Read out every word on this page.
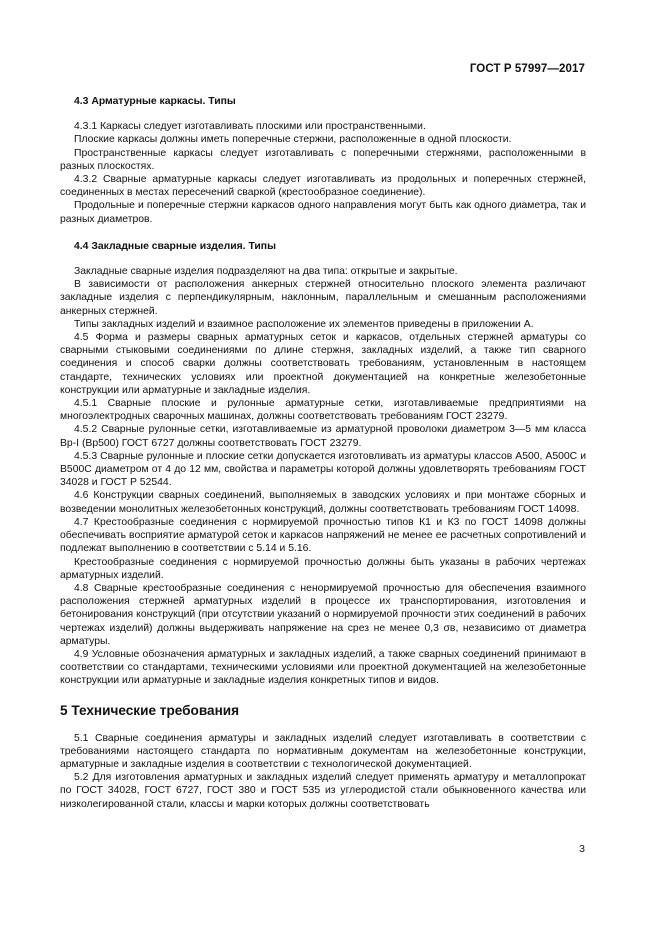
ГОСТ Р 57997—2017
4.3 Арматурные каркасы. Типы

4.3.1 Каркасы следует изготавливать плоскими или пространственными.

Плоские каркасы должны иметь поперечные стержни, расположенные в одной плоскости.

Пространственные каркасы следует изготавливать с поперечными стержнями, расположенными в разных плоскостях.

4.3.2 Сварные арматурные каркасы следует изготавливать из продольных и поперечных стержней, соединенных в местах пересечений сваркой (крестообразное соединение).

Продольные и поперечные стержни каркасов одного направления могут быть как одного диаметра, так и разных диаметров.

4.4 Закладные сварные изделия. Типы

Закладные сварные изделия подразделяют на два типа: открытые и закрытые.

В зависимости от расположения анкерных стержней относительно плоского элемента различают закладные изделия с перпендикулярным, наклонным, параллельным и смешанным расположениями анкерных стержней.

Типы закладных изделий и взаимное расположение их элементов приведены в приложении А.

4.5 Форма и размеры сварных арматурных сеток и каркасов, отдельных стержней арматуры со сварными стыковыми соединениями по длине стержня, закладных изделий, а также тип сварного соединения и способ сварки должны соответствовать требованиям, установленным в настоящем стандарте, технических условиях или проектной документацией на конкретные железобетонные конструкции или арматурные и закладные изделия.

4.5.1 Сварные плоские и рулонные арматурные сетки, изготавливаемые предприятиями на многоэлектродных сварочных машинах, должны соответствовать требованиям ГОСТ 23279.

4.5.2 Сварные рулонные сетки, изготавливаемые из арматурной проволоки диаметром 3—5 мм класса Вр-I (Вр500) ГОСТ 6727 должны соответствовать ГОСТ 23279.

4.5.3 Сварные рулонные и плоские сетки допускается изготовливать из арматуры классов А500, А500С и В500С диаметром от 4 до 12 мм, свойства и параметры которой должны удовлетворять требованиям ГОСТ 34028 и ГОСТ Р 52544.

4.6 Конструкции сварных соединений, выполняемых в заводских условиях и при монтаже сборных и возведении монолитных железобетонных конструкций, должны соответствовать требованиям ГОСТ 14098.

4.7 Крестообразные соединения с нормируемой прочностью типов К1 и К3 по ГОСТ 14098 должны обеспечивать восприятие арматурой сеток и каркасов напряжений не менее ее расчетных сопротивлений и подлежат выполнению в соответствии с 5.14 и 5.16.

Крестообразные соединения с нормируемой прочностью должны быть указаны в рабочих чертежах арматурных изделий.

4.8 Сварные крестообразные соединения с ненормируемой прочностью для обеспечения взаимного расположения стержней арматурных изделий в процессе их транспортирования, изготовления и бетонирования конструкций (при отсутствии указаний о нормируемой прочности этих соединений в рабочих чертежах изделий) должны выдерживать напряжение на срез не менее 0,3 σв, независимо от диаметра арматуры.

4.9 Условные обозначения арматурных и закладных изделий, а также сварных соединений принимают в соответствии со стандартами, техническими условиями или проектной документацией на железобетонные конструкции или арматурные и закладные изделия конкретных типов и видов.

5 Технические требования

5.1 Сварные соединения арматуры и закладных изделий следует изготавливать в соответствии с требованиями настоящего стандарта по нормативным документам на железобетонные конструкции, арматурные и закладные изделия в соответствии с технологической документацией.

5.2 Для изготовления арматурных и закладных изделий следует применять арматуру и металлопрокат по ГОСТ 34028, ГОСТ 6727, ГОСТ 380 и ГОСТ 535 из углеродистой стали обыкновенного качества или низколегированной стали, классы и марки которых должны соответствовать

3
